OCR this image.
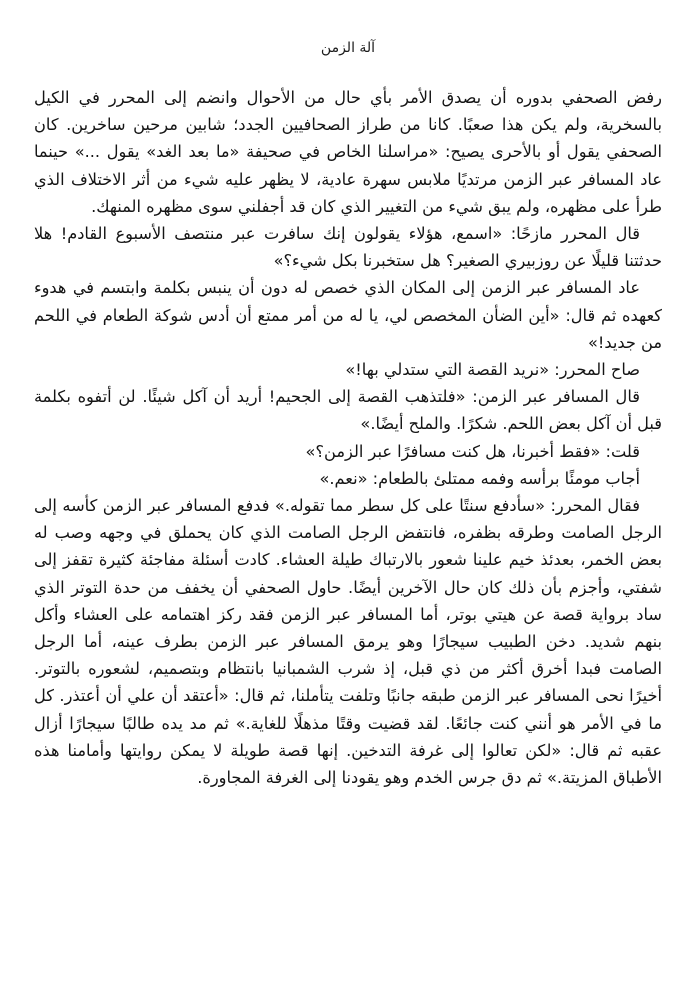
آلة الزمن

رفض الصحفي بدوره أن يصدق الأمر بأي حال من الأحوال وانضم إلى المحرر في الكيل بالسخرية، ولم يكن هذا صعبًا. كانا من طراز الصحافيين الجدد؛ شابين مرحين ساخرين. كان الصحفي يقول أو بالأحرى يصيح: «مراسلنا الخاص في صحيفة «ما بعد الغد» يقول ...» حينما عاد المسافر عبر الزمن مرتديًا ملابس سهرة عادية، لا يظهر عليه شيء من أثر الاختلاف الذي طرأ على مظهره، ولم يبق شيء من التغيير الذي كان قد أجفلني سوى مظهره المنهك.

قال المحرر مازحًا: «اسمع، هؤلاء يقولون إنك سافرت عبر منتصف الأسبوع القادم! هلا حدثتنا قليلًا عن روزبيري الصغير؟ هل ستخبرنا بكل شيء؟»

عاد المسافر عبر الزمن إلى المكان الذي خصص له دون أن ينبس بكلمة وابتسم في هدوء كعهده ثم قال: «أين الضأن المخصص لي، يا له من أمر ممتع أن أدس شوكة الطعام في اللحم من جديد!»

صاح المحرر: «نريد القصة التي ستدلي بها!»

قال المسافر عبر الزمن: «فلتذهب القصة إلى الجحيم! أريد أن آكل شيئًا. لن أتفوه بكلمة قبل أن آكل بعض اللحم. شكرًا. والملح أيضًا.»

قلت: «فقط أخبرنا، هل كنت مسافرًا عبر الزمن؟»

أجاب مومئًا برأسه وفمه ممتلئ بالطعام: «نعم.»

فقال المحرر: «سأدفع سنتًا على كل سطر مما تقوله.» فدفع المسافر عبر الزمن كأسه إلى الرجل الصامت وطرقه بظفره، فانتفض الرجل الصامت الذي كان يحملق في وجهه وصب له بعض الخمر، بعدئذ خيم علينا شعور بالارتباك طيلة العشاء. كادت أسئلة مفاجئة كثيرة تقفز إلى شفتي، وأجزم بأن ذلك كان حال الآخرين أيضًا. حاول الصحفي أن يخفف من حدة التوتر الذي ساد برواية قصة عن هيتي بوتر، أما المسافر عبر الزمن فقد ركز اهتمامه على العشاء وأكل بنهم شديد. دخن الطبيب سيجارًا وهو يرمق المسافر عبر الزمن بطرف عينه، أما الرجل الصامت فبدا أخرق أكثر من ذي قبل، إذ شرب الشمبانيا بانتظام وبتصميم، لشعوره بالتوتر. أخيرًا نحى المسافر عبر الزمن طبقه جانبًا وتلفت يتأملنا، ثم قال: «أعتقد أن علي أن أعتذر. كل ما في الأمر هو أنني كنت جائعًا. لقد قضيت وقتًا مذهلًا للغاية.» ثم مد يده طالبًا سيجارًا أزال عقبه ثم قال: «لكن تعالوا إلى غرفة التدخين. إنها قصة طويلة لا يمكن روايتها وأمامنا هذه الأطباق المزيتة.» ثم دق جرس الخدم وهو يقودنا إلى الغرفة المجاورة.
